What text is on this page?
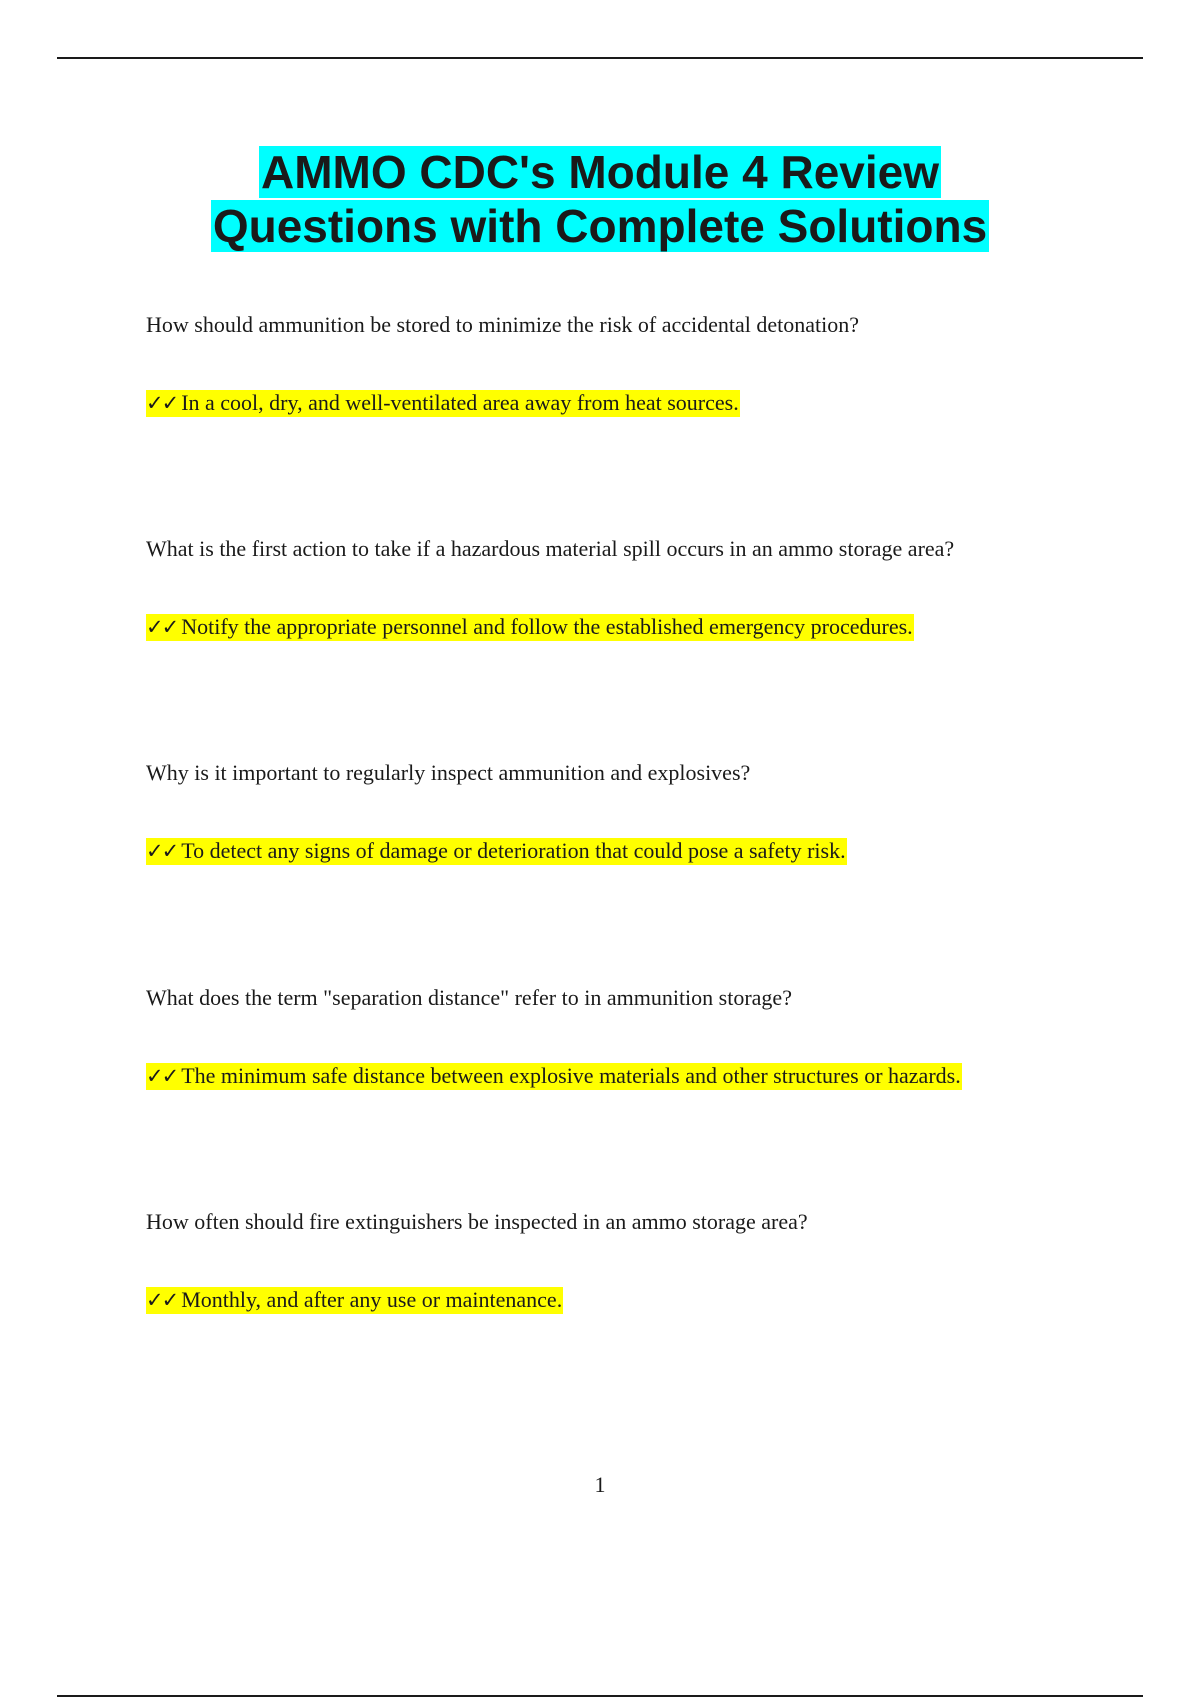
AMMO CDC's Module 4 Review
Questions with Complete Solutions

How should ammunition be stored to minimize the risk of accidental detonation?

✓✓ In a cool, dry, and well-ventilated area away from heat sources.

What is the first action to take if a hazardous material spill occurs in an ammo storage area?

✓✓ Notify the appropriate personnel and follow the established emergency procedures.

Why is it important to regularly inspect ammunition and explosives?

✓✓ To detect any signs of damage or deterioration that could pose a safety risk.

What does the term "separation distance" refer to in ammunition storage?

✓✓ The minimum safe distance between explosive materials and other structures or hazards.

How often should fire extinguishers be inspected in an ammo storage area?

✓✓ Monthly, and after any use or maintenance.
1
